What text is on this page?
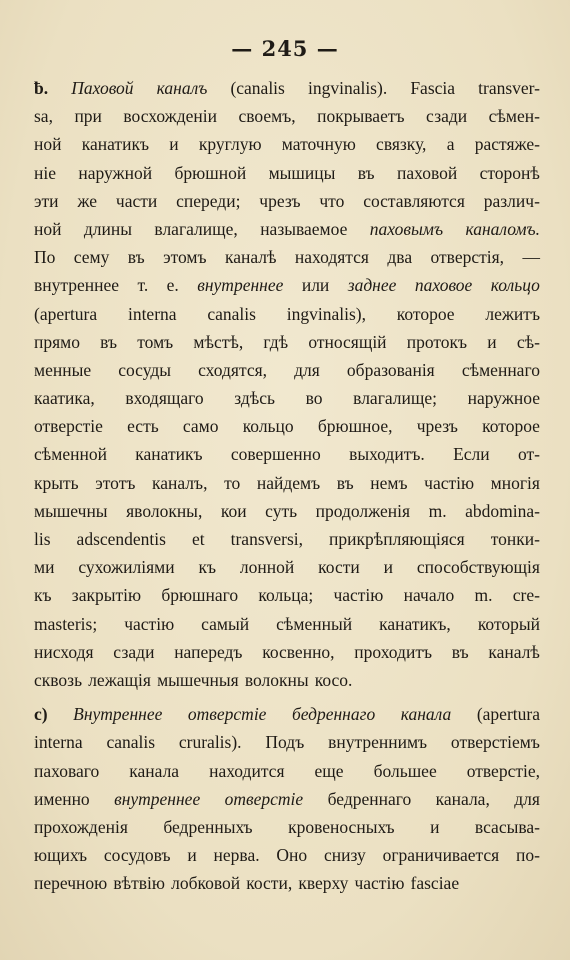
— 245 —
ƀ. Паховой каналъ (canalis ingvinalis). Fascia transver-
sa, при восхожденіи своемъ, покрываетъ сзади сѣмен-
ной канатикъ и круглую маточную связку, а растяже-
ніе наружной брюшной мышицы въ паховой сторонѣ
эти же части спереди; чрезъ что составляются различ-
ной длины влагалище, называемое паховымъ каналомъ.
По сему въ этомъ каналѣ находятся два отверстія, —
внутреннее т. е. внутреннее или заднее паховое кольцо
(apertura interna canalis ingvinalis), которое лежитъ
прямо въ томъ мѣстѣ, гдѣ относящій протокъ и сѣ-
менные сосуды сходятся, для образованія сѣменнаго
каатика, входящаго здѣсь во влагалище; наружное
отверстіе есть само кольцо брюшное, чрезъ которое
сѣменной канатикъ совершенно выходитъ. Если от-
крыть этотъ каналъ, то найдемъ въ немъ частію многія
мышечны яволокны, кои суть продолженія m. abdomina-
lis adscendentis et transversi, прикрѣпляющіяся тонки-
ми сухожиліями къ лонной кости и способствующія
къ закрытію брюшнаго кольца; частію начало m. cre-
masteris; частію самый сѣменный канатикъ, который
нисходя сзади напередъ косвенно, проходитъ въ каналѣ
сквозь лежащія мышечныя волокны косо.
c) Внутреннее отверстіе бедреннаго канала (apertura
interna canalis cruralis). Подъ внутреннимъ отверстіемъ
паховаго канала находится еще большее отверстіе,
именно внутреннее отверстіе бедреннаго канала, для
прохожденія бедренныхъ кровеносныхъ и всасыва-
ющихъ сосудовъ и нерва. Оно снизу ограничивается по-
перечною вѣтвію лобковой кости, кверху частію fasciae
